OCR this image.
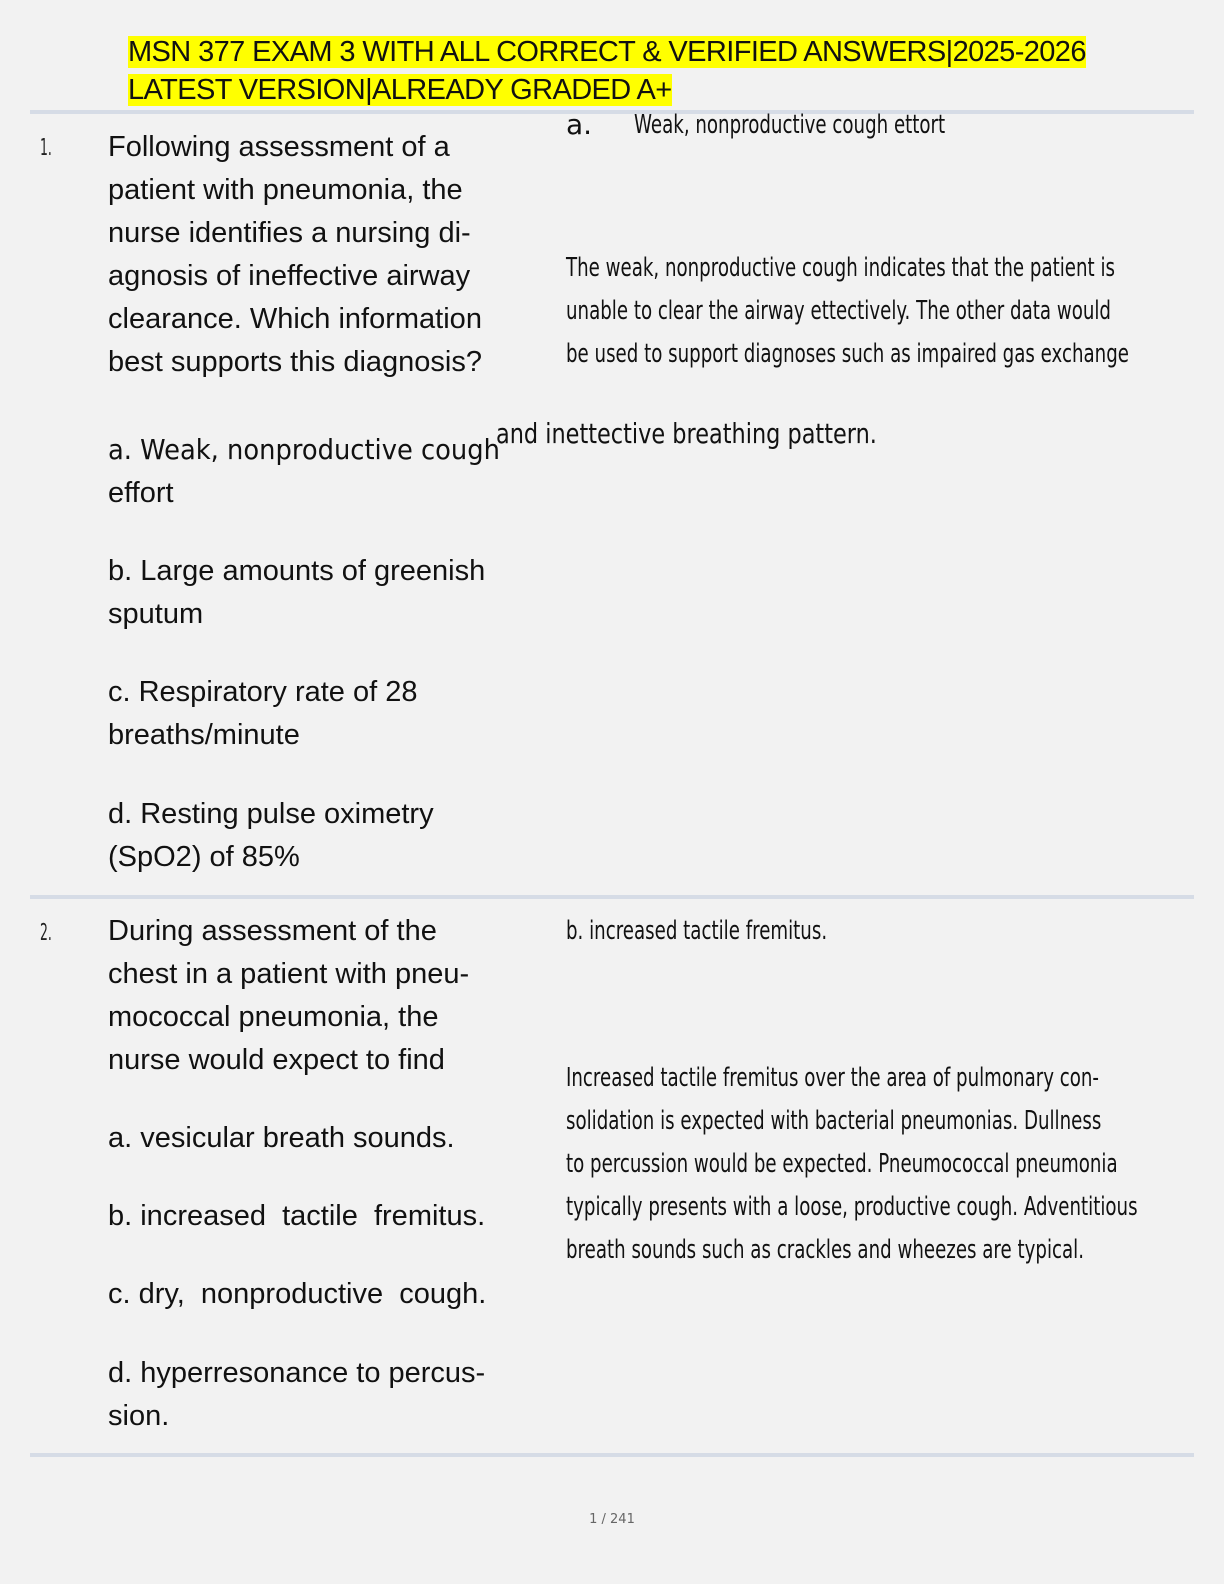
MSN 377 EXAM 3 WITH ALL CORRECT & VERIFIED ANSWERS|2025-2026 LATEST VERSION|ALREADY GRADED A+
1. Following assessment of a
patient with pneumonia, the
nurse identifies a nursing di-
agnosis of ineffective airway
clearance. Which information
best supports this diagnosis?
a. Weak, nonproductive cough
effort
b. Large amounts of greenish
sputum
c. Respiratory rate of 28
breaths/minute
d. Resting pulse oximetry
(SpO2) of 85%
a. Weak, nonproductive cough ettort
The weak, nonproductive cough indicates that the patient is
unable to clear the airway ettectively. The other data would
be used to support diagnoses such as impaired gas exchange
and inettective breathing pattern.
2. During assessment of the
chest in a patient with pneu-
mococcal pneumonia, the
nurse would expect to find
a. vesicular breath sounds.
b. increased  tactile  fremitus.
c. dry,  nonproductive  cough.
d. hyperresonance to percus-
sion.
b. increased tactile fremitus.
Increased tactile fremitus over the area of pulmonary con-
solidation is expected with bacterial pneumonias. Dullness
to percussion would be expected. Pneumococcal pneumonia
typically presents with a loose, productive cough. Adventitious
breath sounds such as crackles and wheezes are typical.
1 / 241
